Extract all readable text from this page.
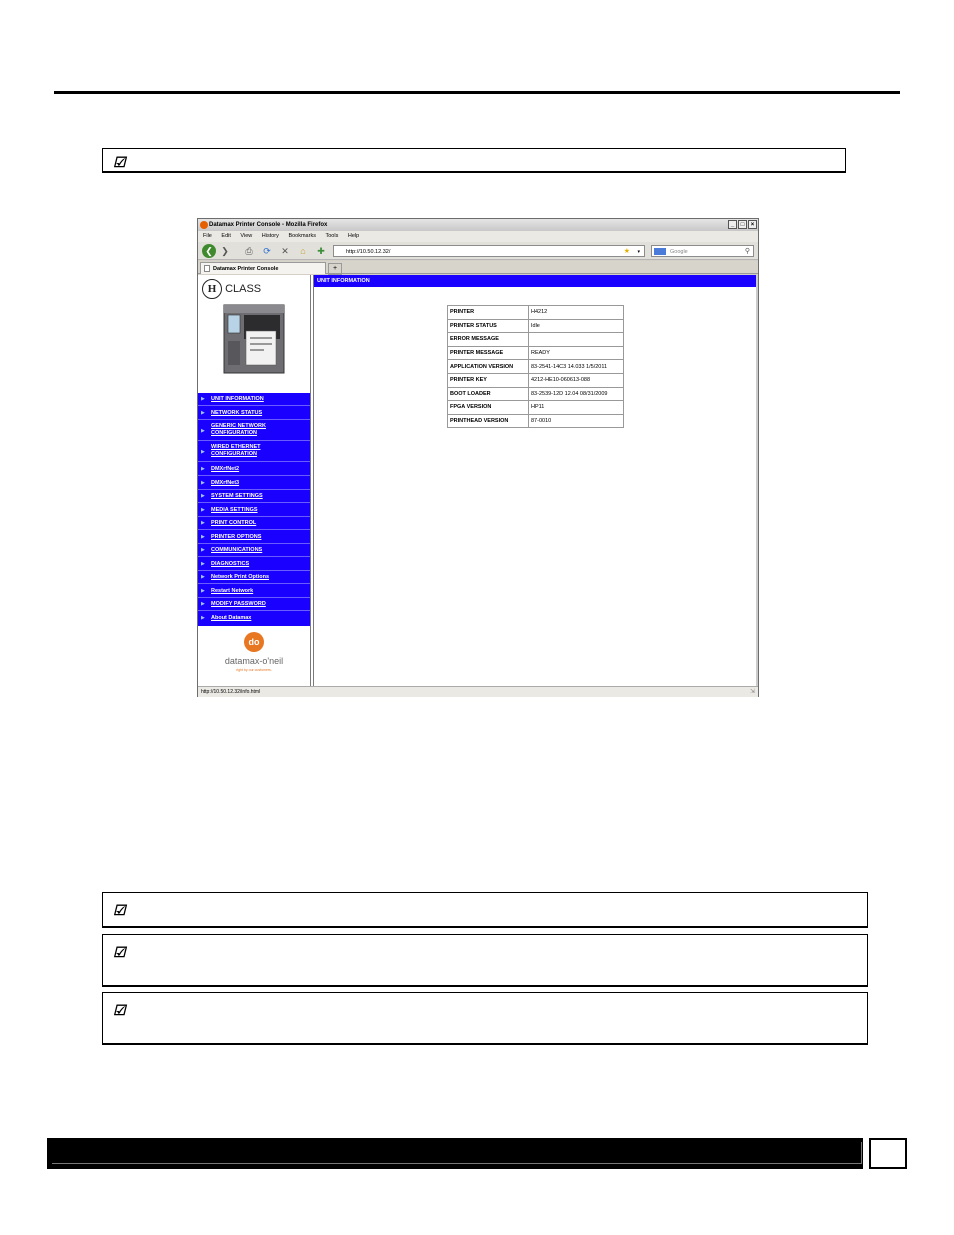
☑
Datamax Printer Console - Mozilla Firefox	_	□	×
File Edit View History Bookmarks Tools Help
❮ ❯ ⎙ ⟳ ✕ ⌂ ✚	http://10.50.12.32/	★ ▾	Google	⚲
Datamax Printer Console	+
H CLASS
▶ UNIT INFORMATION
▶ NETWORK STATUS
▶
GENERIC NETWORK CONFIGURATION
▶
WIRED ETHERNET CONFIGURATION
▶ DMXrfNet2
▶ DMXrfNet3
▶ SYSTEM SETTINGS
▶ MEDIA SETTINGS
▶ PRINT CONTROL
▶ PRINTER OPTIONS
▶ COMMUNICATIONS
▶ DIAGNOSTICS
▶ Network Print Options
▶ Restart Network
▶ MODIFY PASSWORD
▶ About Datamax
do
datamax-o'neil
right by our customers.
UNIT INFORMATION
PRINTER	H4212
PRINTER STATUS	Idle
ERROR MESSAGE	
PRINTER MESSAGE	READY
APPLICATION VERSION	83-2541-14C3 14.033 1/5/2011
PRINTER KEY	4212-HE10-060613-088
BOOT LOADER	83-2539-12D 12.04 08/31/2009
FPGA VERSION	HP11
PRINTHEAD VERSION	87-0010
http://10.50.12.32/info.html	⇲
☑
☑
☑
